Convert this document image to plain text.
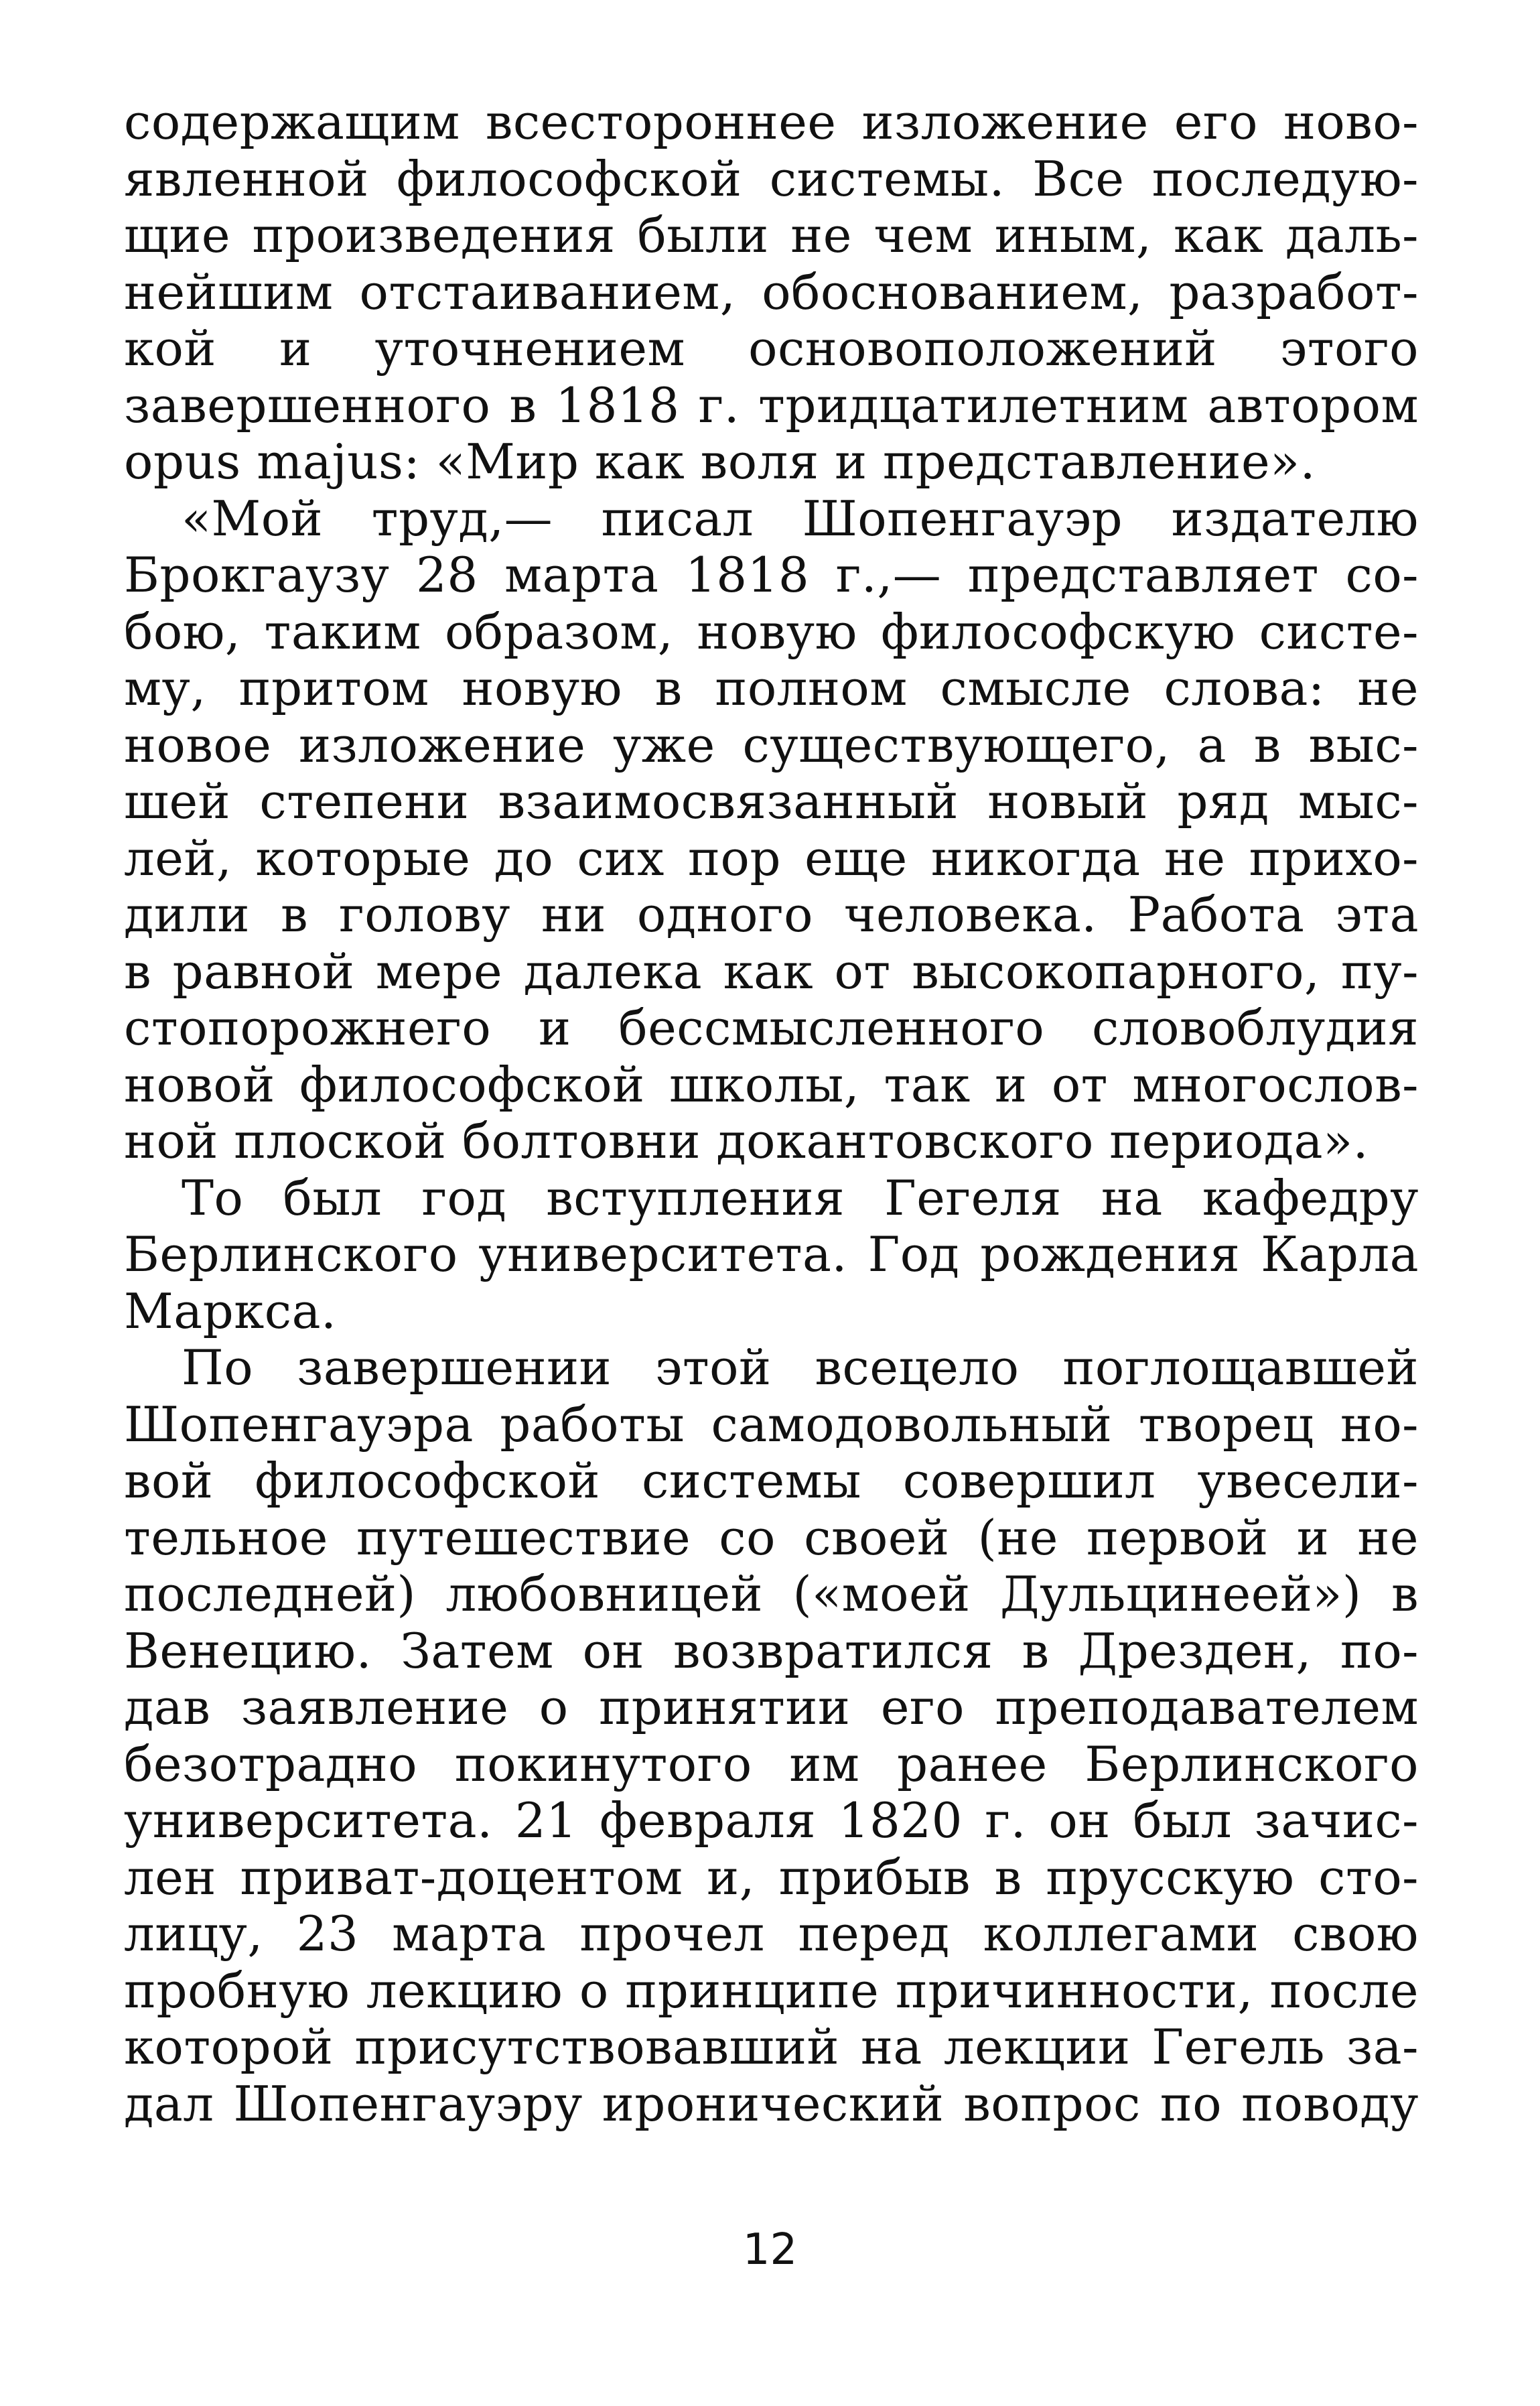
содержащим всестороннее изложение его ново-
явленной философской системы. Все последую-
щие произведения были не чем иным, как даль-
нейшим отстаиванием, обоснованием, разработ-
кой и уточнением основоположений этого
завершенного в 1818 г. тридцатилетним автором
opus majus: «Мир как воля и представление».
«Мой труд,— писал Шопенгауэр издателю
Брокгаузу 28 марта 1818 г.,— представляет со-
бою, таким образом, новую философскую систе-
му, притом новую в полном смысле слова: не
новое изложение уже существующего, а в выс-
шей степени взаимосвязанный новый ряд мыс-
лей, которые до сих пор еще никогда не прихо-
дили в голову ни одного человека. Работа эта
в равной мере далека как от высокопарного, пу-
стопорожнего и бессмысленного словоблудия
новой философской школы, так и от многослов-
ной плоской болтовни докантовского периода».
То был год вступления Гегеля на кафедру
Берлинского университета. Год рождения Карла
Маркса.
По завершении этой всецело поглощавшей
Шопенгауэра работы самодовольный творец но-
вой философской системы совершил увесели-
тельное путешествие со своей (не первой и не
последней) любовницей («моей Дульцинеей») в
Венецию. Затем он возвратился в Дрезден, по-
дав заявление о принятии его преподавателем
безотрадно покинутого им ранее Берлинского
университета. 21 февраля 1820 г. он был зачис-
лен приват-доцентом и, прибыв в прусскую сто-
лицу, 23 марта прочел перед коллегами свою
пробную лекцию о принципе причинности, после
которой присутствовавший на лекции Гегель за-
дал Шопенгауэру иронический вопрос по поводу
12
